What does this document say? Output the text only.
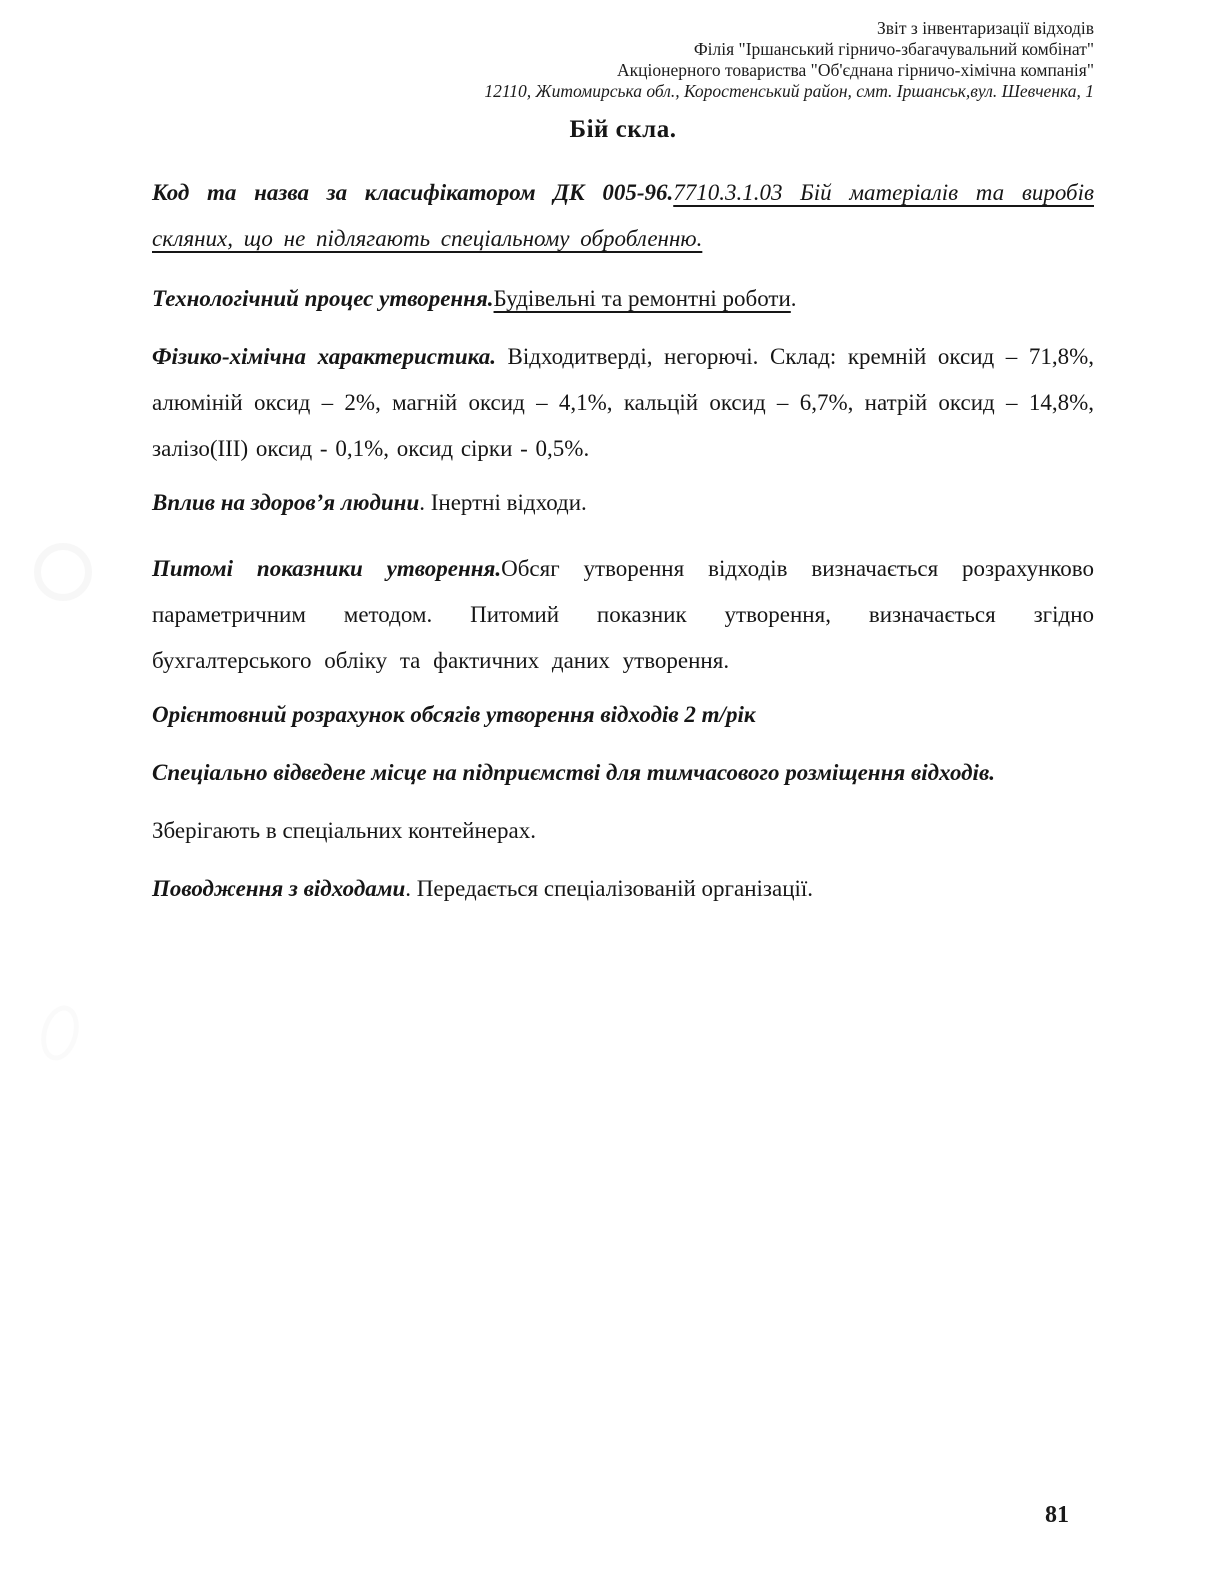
Звіт з інвентаризації відходів
Філія "Іршанський гірничо-збагачувальний комбінат"
Акціонерного товариства "Об'єднана гірничо-хімічна компанія"
12110, Житомирська обл., Коростенський район, смт. Іршанськ,вул. Шевченка, 1
Бій скла.

Код та назва за класифікатором ДК 005-96.7710.3.1.03 Бій матеріалів та виробів скляних, що не підлягають спеціальному обробленню.

Технологічний процес утворення.Будівельні та ремонтні роботи.

Фізико-хімічна характеристика. Відходитверді, негорючі. Склад: кремній оксид – 71,8%, алюміній оксид – 2%, магній оксид – 4,1%, кальцій оксид – 6,7%, натрій оксид – 14,8%, залізо(ІІІ) оксид - 0,1%, оксид сірки - 0,5%.

Вплив на здоров’я людини. Інертні відходи.

Питомі показники утворення.Обсяг утворення відходів визначається розрахунково параметричним методом. Питомий показник утворення, визначається згідно бухгалтерського обліку та фактичних даних утворення.

Орієнтовний розрахунок обсягів утворення відходів 2 т/рік

Спеціально відведене місце на підприємстві для тимчасового розміщення відходів.

Зберігають в спеціальних контейнерах.

Поводження з відходами. Передається спеціалізованій організації.

81
